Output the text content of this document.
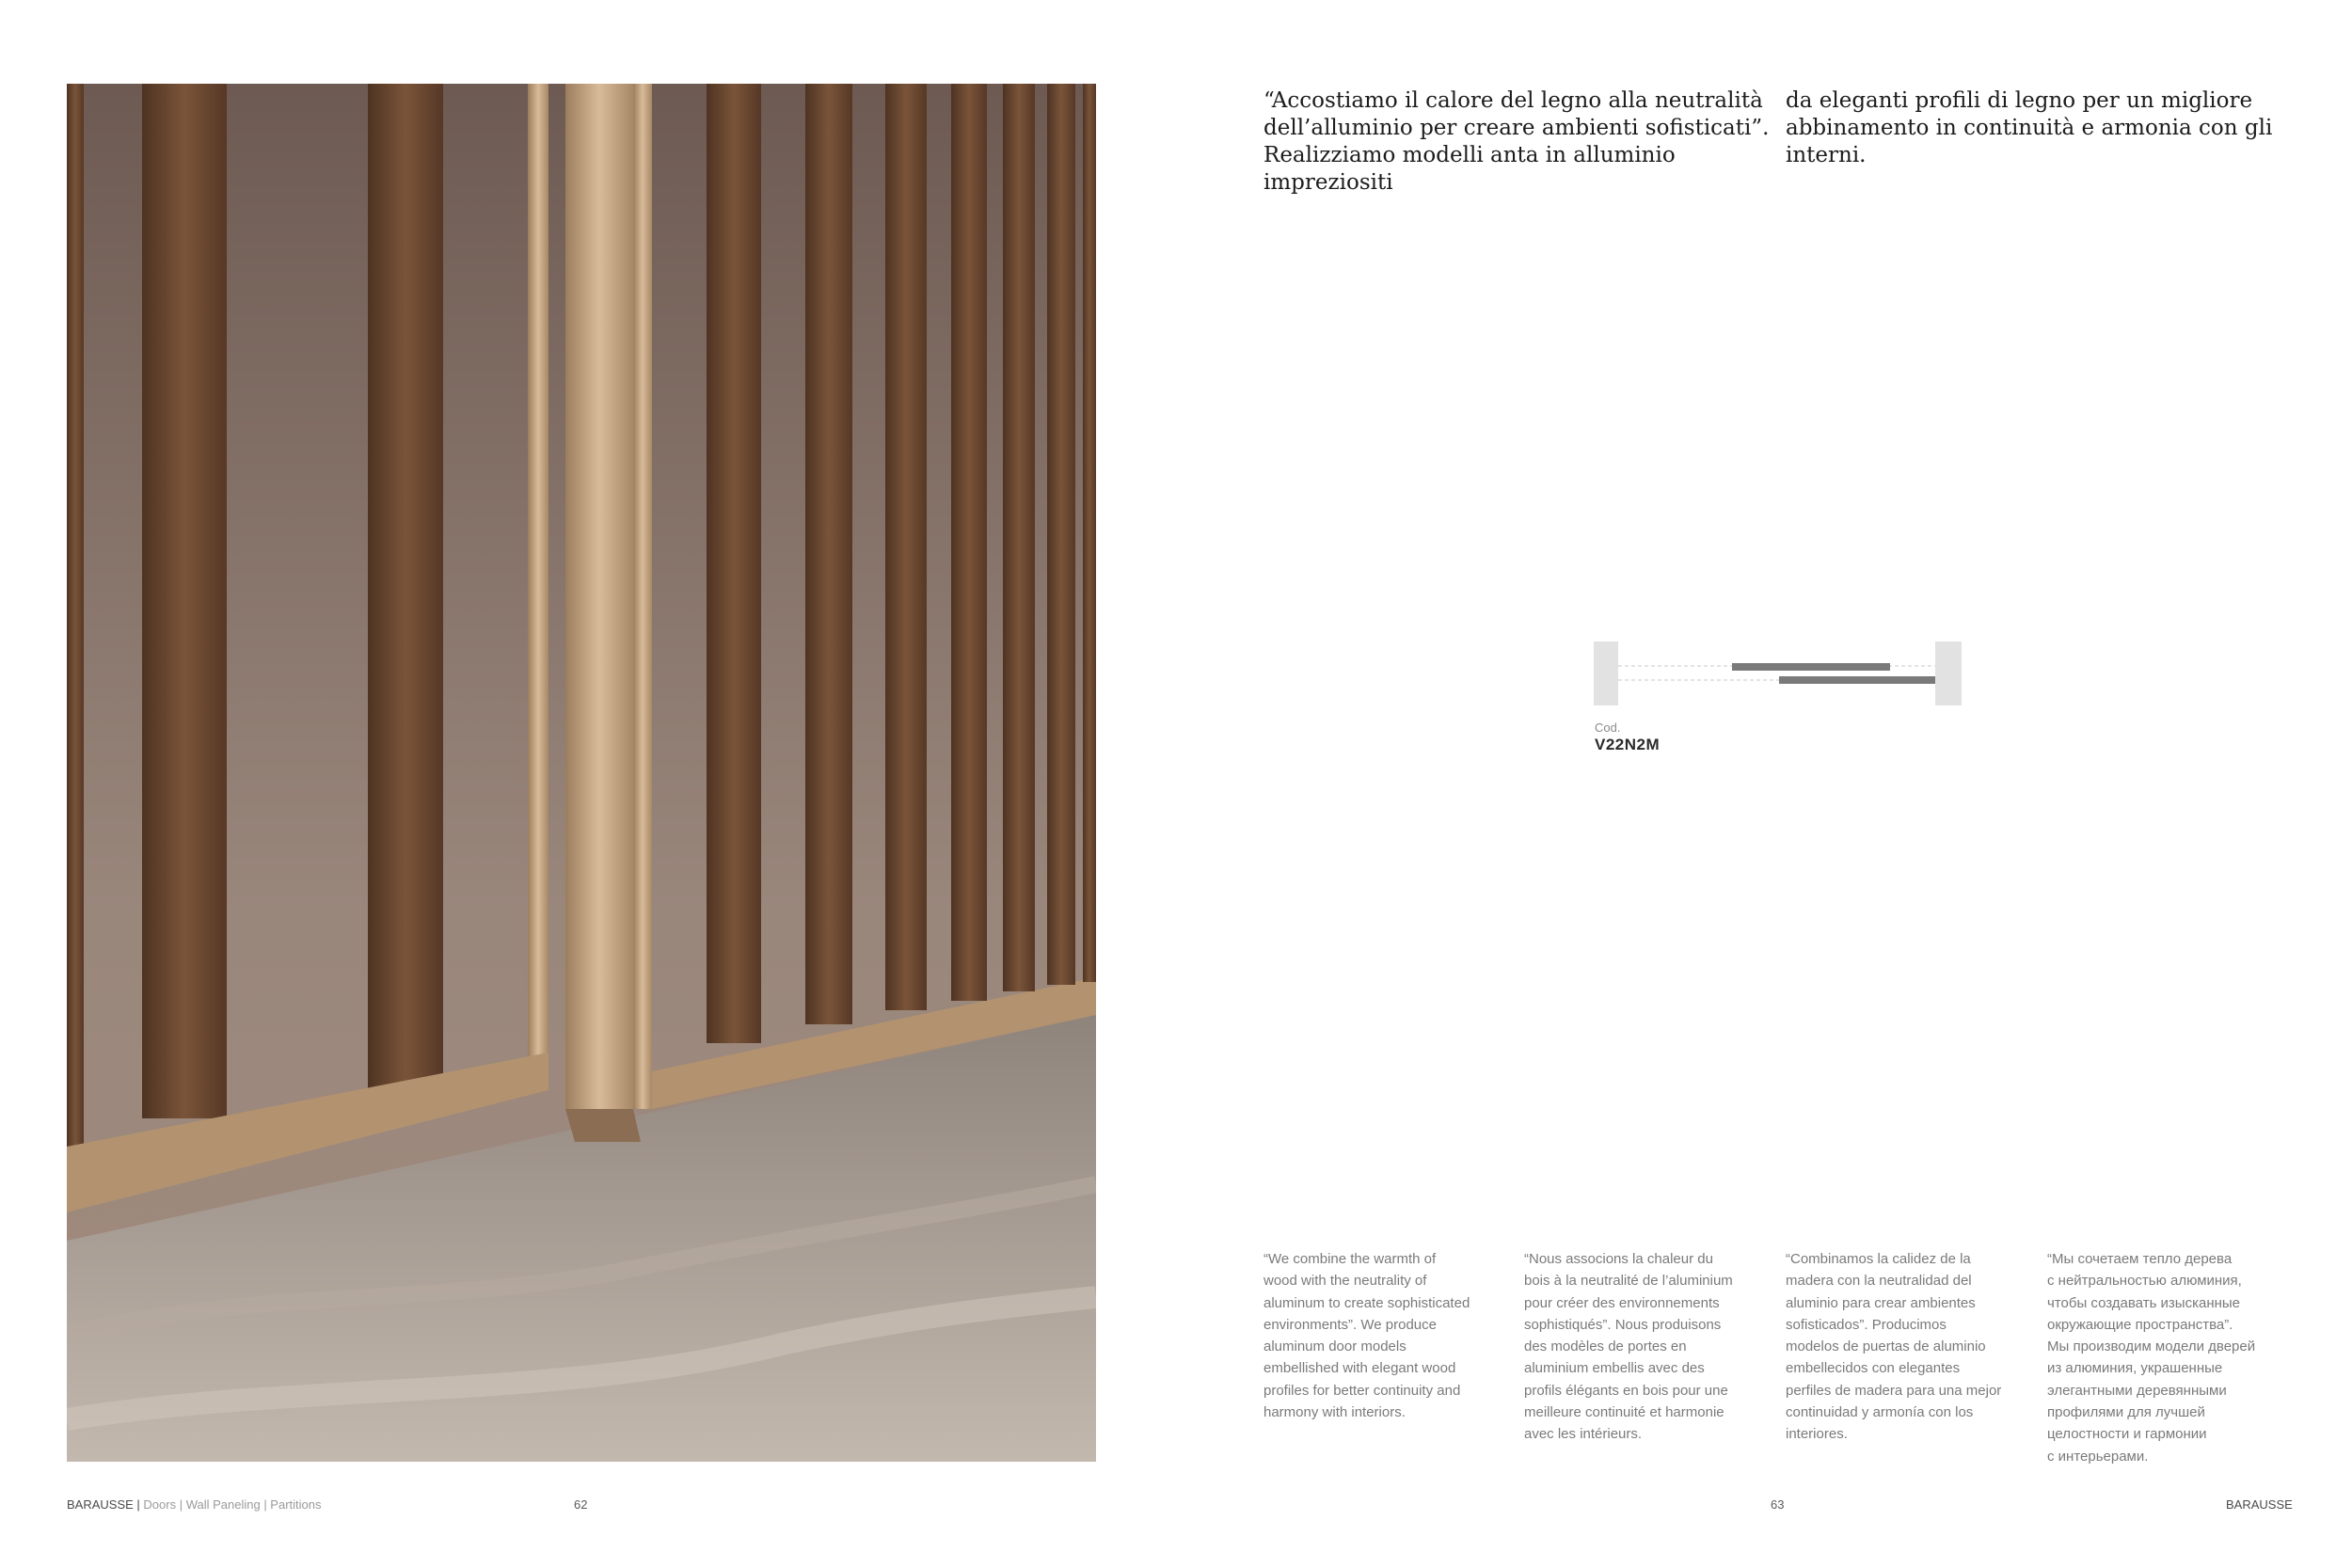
“Accostiamo il calore del legno alla neutralità
dell’alluminio per creare ambienti sofisticati”.
Realizziamo modelli anta in alluminio impreziositi
da eleganti profili di legno per un migliore
abbinamento in continuità e armonia con gli
interni.
Cod.
V22N2M
“We combine the warmth of
wood with the neutrality of
aluminum to create sophisticated
environments”. We produce
aluminum door models
embellished with elegant wood
profiles for better continuity and
harmony with interiors.
“Nous associons la chaleur du
bois à la neutralité de l’aluminium
pour créer des environnements
sophistiqués”. Nous produisons
des modèles de portes en
aluminium embellis avec des
profils élégants en bois pour une
meilleure continuité et harmonie
avec les intérieurs.
“Combinamos la calidez de la
madera con la neutralidad del
aluminio para crear ambientes
sofisticados”. Producimos
modelos de puertas de aluminio
embellecidos con elegantes
perfiles de madera para una mejor
continuidad y armonía con los
interiores.
“Мы сочетаем тепло дерева
с нейтральностью алюминия,
чтобы создавать изысканные
окружающие пространства”.
Мы производим модели дверей
из алюминия, украшенные
элегантными деревянными
профилями для лучшей
целостности и гармонии
с интерьерами.
BARAUSSE | Doors | Wall Paneling | Partitions	62	63	BARAUSSE
